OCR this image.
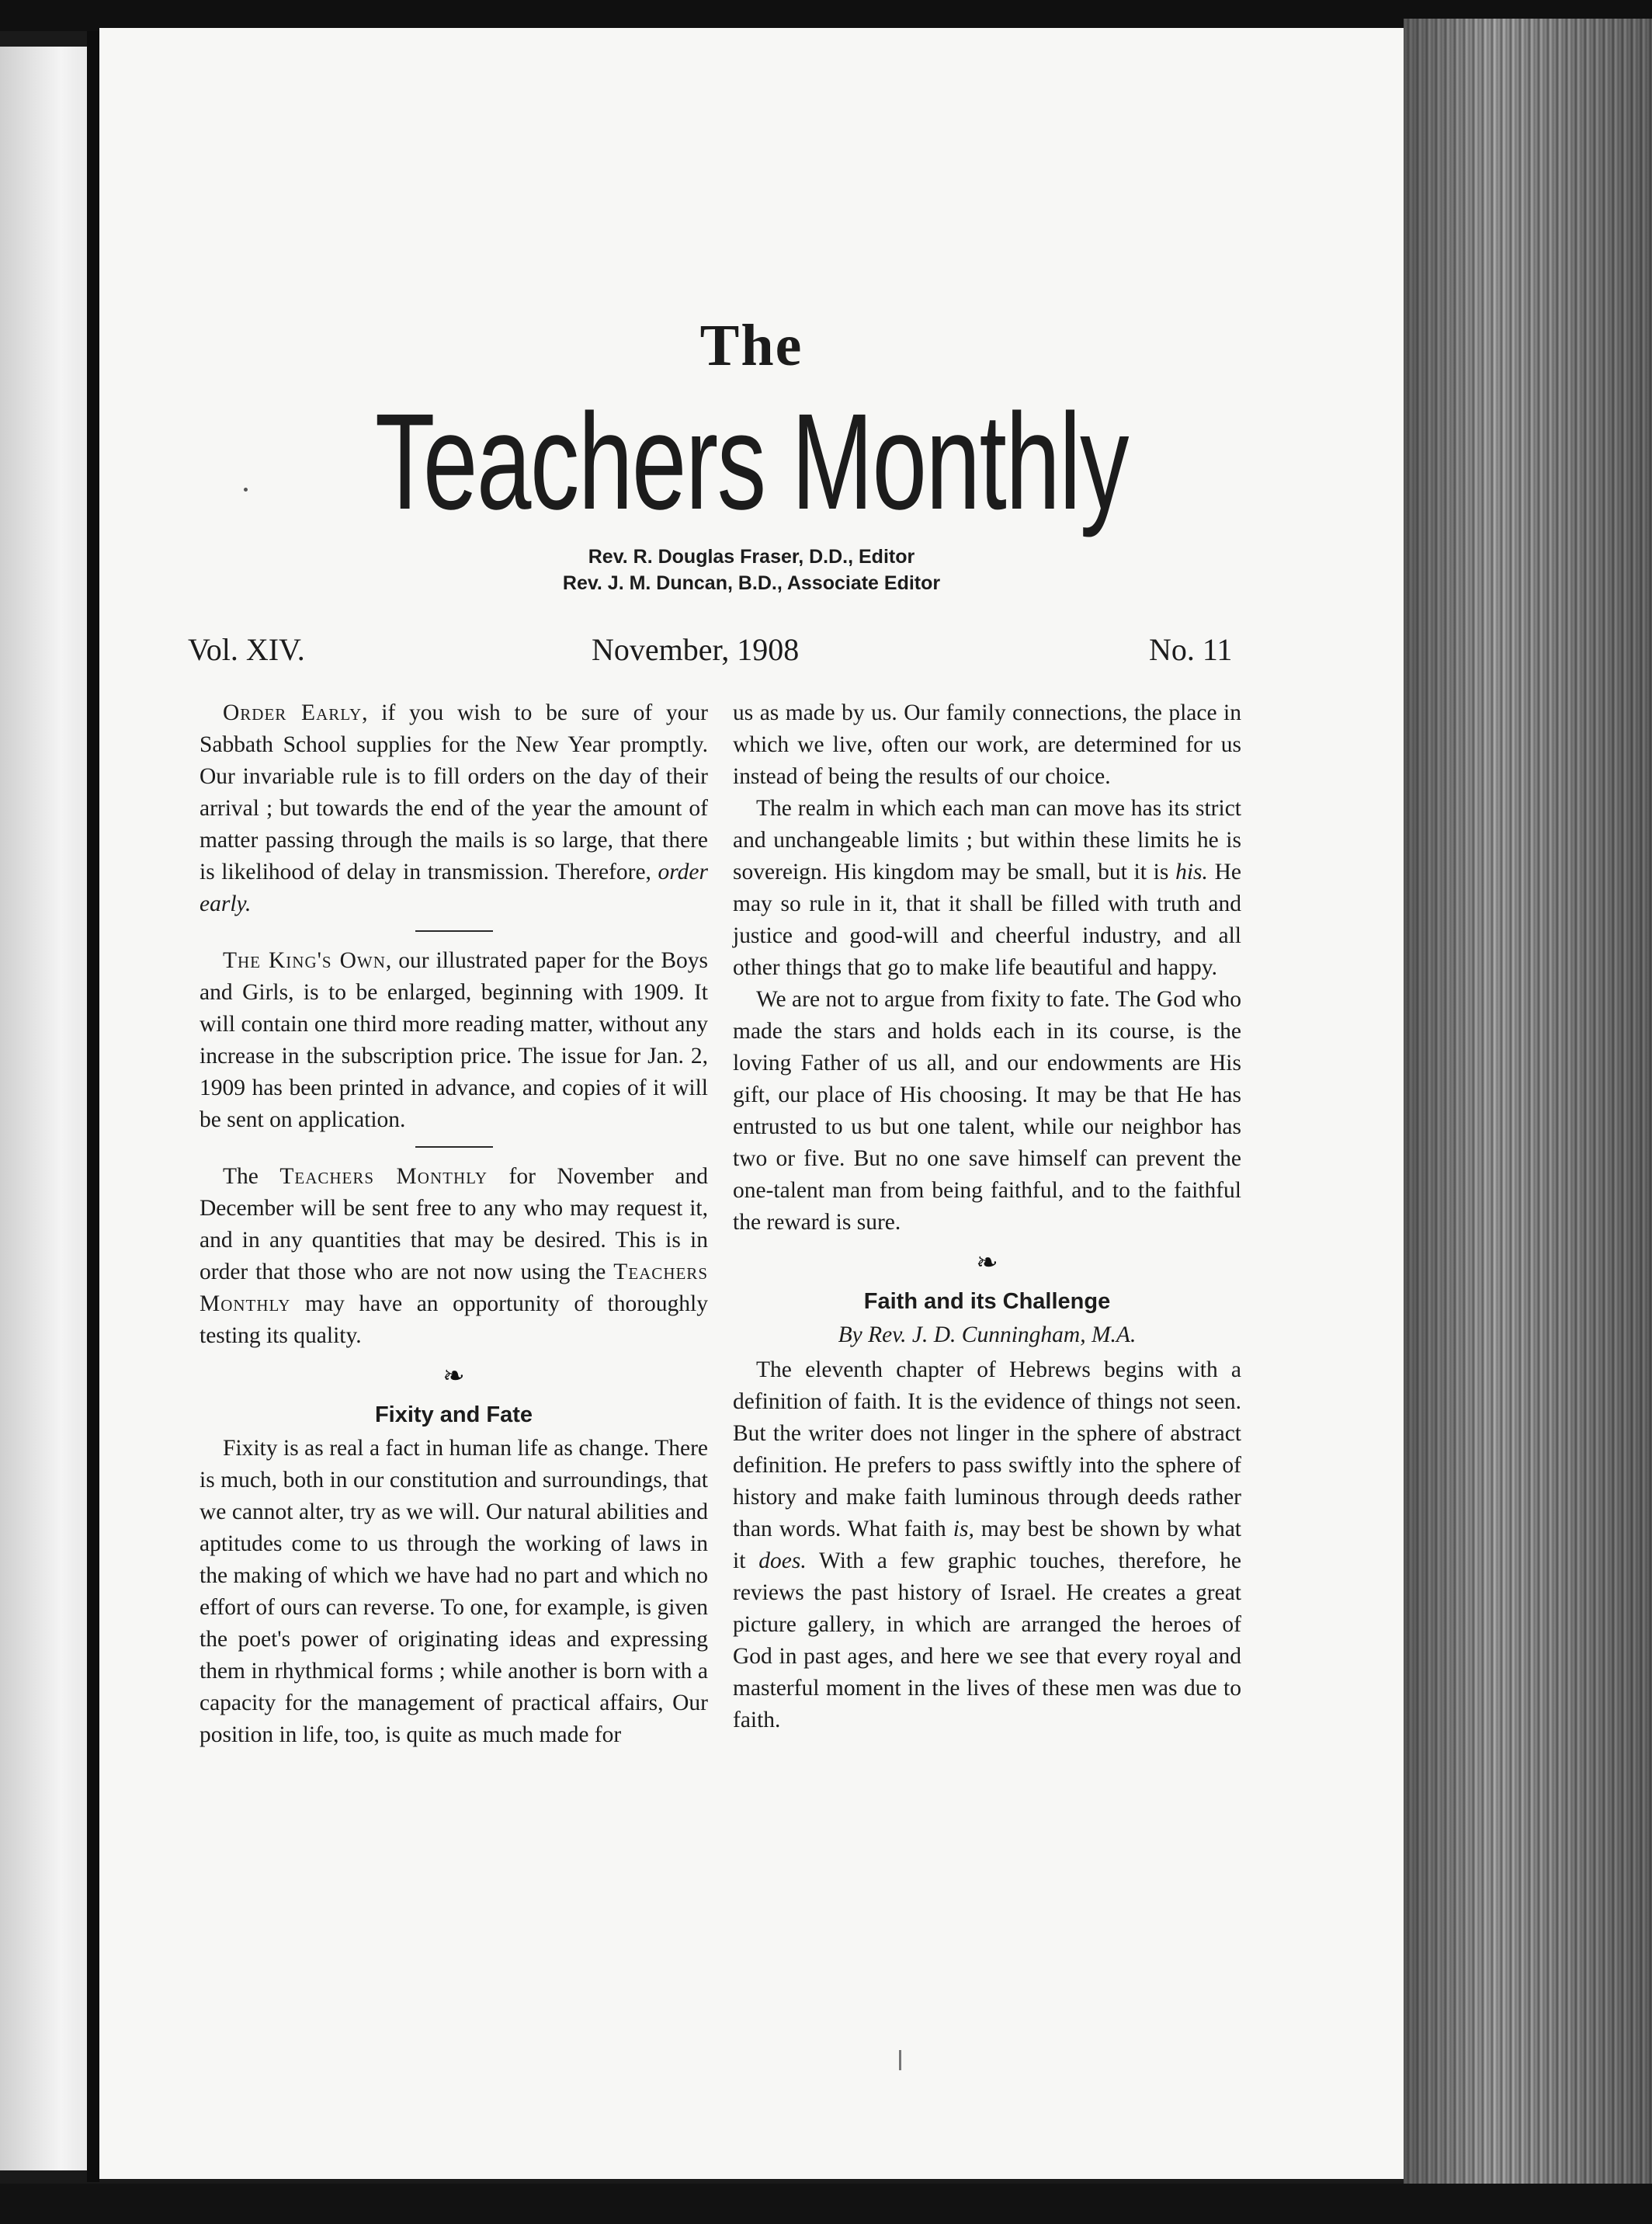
The
Teachers Monthly
Rev. R. Douglas Fraser, D.D., Editor
Rev. J. M. Duncan, B.D., Associate Editor
Vol. XIV.	November, 1908	No. 11

Order Early, if you wish to be sure of your Sabbath School supplies for the New Year promptly. Our invariable rule is to fill orders on the day of their arrival ; but towards the end of the year the amount of matter passing through the mails is so large, that there is likelihood of delay in transmission. Therefore, order early.

The King's Own, our illustrated paper for the Boys and Girls, is to be enlarged, beginning with 1909. It will contain one third more reading matter, without any increase in the subscription price. The issue for Jan. 2, 1909 has been printed in advance, and copies of it will be sent on application.

The Teachers Monthly for November and December will be sent free to any who may request it, and in any quantities that may be desired. This is in order that those who are not now using the Teachers Monthly may have an opportunity of thoroughly testing its quality.

❧
Fixity and Fate

Fixity is as real a fact in human life as change. There is much, both in our constitution and surroundings, that we cannot alter, try as we will. Our natural abilities and aptitudes come to us through the working of laws in the making of which we have had no part and which no effort of ours can reverse. To one, for example, is given the poet's power of originating ideas and expressing them in rhythmical forms ; while another is born with a capacity for the management of practical affairs, Our position in life, too, is quite as much made for

us as made by us. Our family connections, the place in which we live, often our work, are determined for us instead of being the results of our choice.

The realm in which each man can move has its strict and unchangeable limits ; but within these limits he is sovereign. His kingdom may be small, but it is his. He may so rule in it, that it shall be filled with truth and justice and good-will and cheerful industry, and all other things that go to make life beautiful and happy.

We are not to argue from fixity to fate. The God who made the stars and holds each in its course, is the loving Father of us all, and our endowments are His gift, our place of His choosing. It may be that He has entrusted to us but one talent, while our neighbor has two or five. But no one save himself can prevent the one-talent man from being faithful, and to the faithful the reward is sure.

❧
Faith and its Challenge
By Rev. J. D. Cunningham, M.A.

The eleventh chapter of Hebrews begins with a definition of faith. It is the evidence of things not seen. But the writer does not linger in the sphere of abstract definition. He prefers to pass swiftly into the sphere of history and make faith luminous through deeds rather than words. What faith is, may best be shown by what it does. With a few graphic touches, therefore, he reviews the past history of Israel. He creates a great picture gallery, in which are arranged the heroes of God in past ages, and here we see that every royal and masterful moment in the lives of these men was due to faith.
